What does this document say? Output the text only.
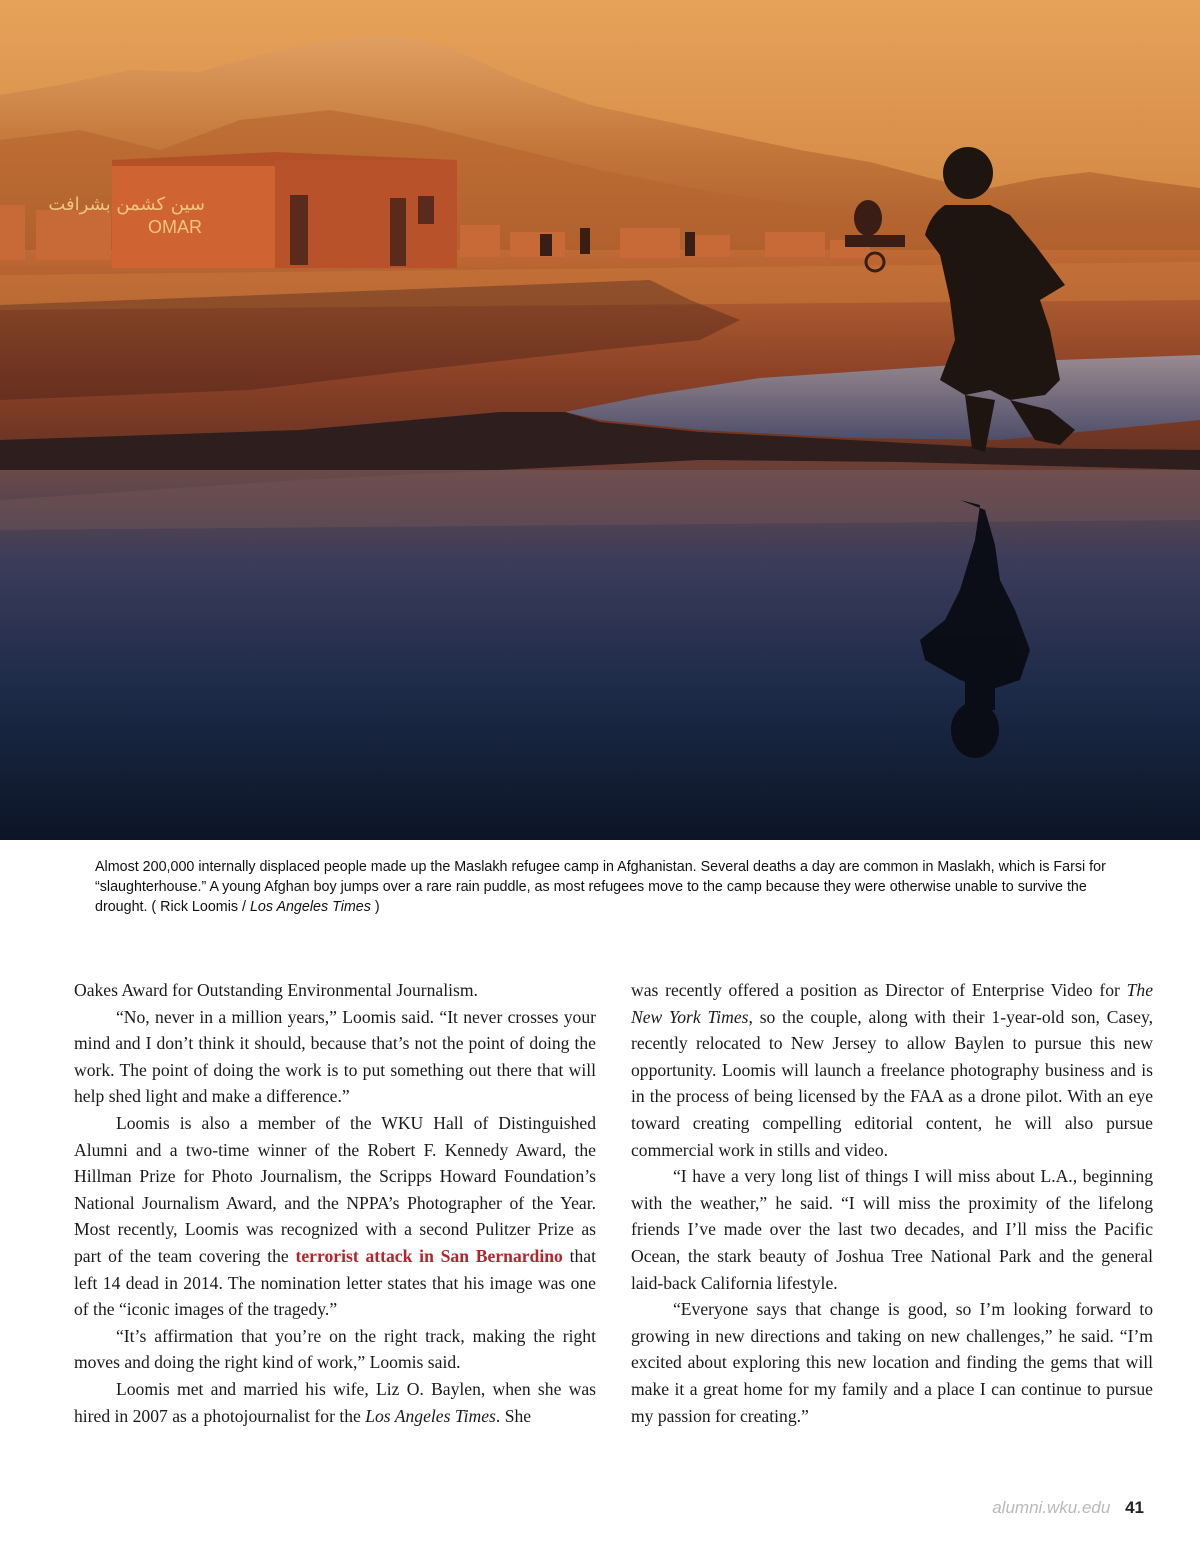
سین کشمن بشرافت
OMAR
Almost 200,000 internally displaced people made up the Maslakh refugee camp in Afghanistan. Several deaths a day are common in Maslakh, which is Farsi for “slaughterhouse.” A young Afghan boy jumps over a rare rain puddle, as most refugees move to the camp because they were otherwise unable to survive the drought. ( Rick Loomis / Los Angeles Times )

Oakes Award for Outstanding Environmental Journalism.

“No, never in a million years,” Loomis said. “It never crosses your mind and I don’t think it should, because that’s not the point of doing the work. The point of doing the work is to put something out there that will help shed light and make a difference.”

Loomis is also a member of the WKU Hall of Distinguished Alumni and a two-time winner of the Robert F. Kennedy Award, the Hillman Prize for Photo Journalism, the Scripps Howard Foundation’s National Journalism Award, and the NPPA’s Photographer of the Year. Most recently, Loomis was recognized with a second Pulitzer Prize as part of the team covering the terrorist attack in San Bernardino that left 14 dead in 2014. The nomination letter states that his image was one of the “iconic images of the tragedy.”

“It’s affirmation that you’re on the right track, making the right moves and doing the right kind of work,” Loomis said.

Loomis met and married his wife, Liz O. Baylen, when she was hired in 2007 as a photojournalist for the Los Angeles Times. She

was recently offered a position as Director of Enterprise Video for The New York Times, so the couple, along with their 1-year-old son, Casey, recently relocated to New Jersey to allow Baylen to pursue this new opportunity. Loomis will launch a freelance photography business and is in the process of being licensed by the FAA as a drone pilot. With an eye toward creating compelling editorial content, he will also pursue commercial work in stills and video.

“I have a very long list of things I will miss about L.A., beginning with the weather,” he said. “I will miss the proximity of the lifelong friends I’ve made over the last two decades, and I’ll miss the Pacific Ocean, the stark beauty of Joshua Tree National Park and the general laid-back California lifestyle.

“Everyone says that change is good, so I’m looking forward to growing in new directions and taking on new challenges,” he said. “I’m excited about exploring this new location and finding the gems that will make it a great home for my family and a place I can continue to pursue my passion for creating.”

alumni.wku.edu 41
